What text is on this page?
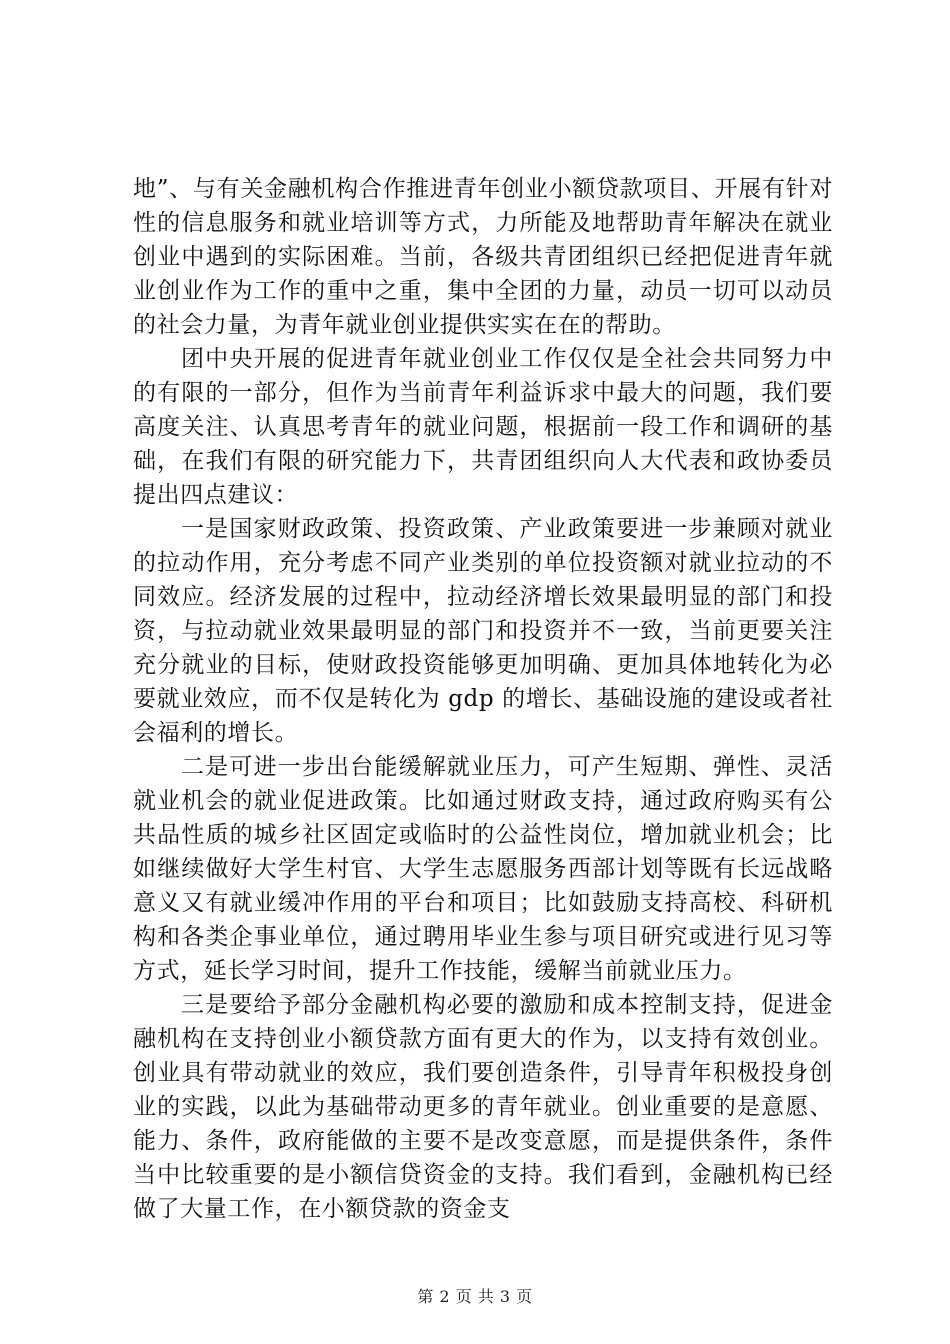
地”、与有关金融机构合作推进青年创业小额贷款项目、开展有针对性的信息服务和就业培训等方式，力所能及地帮助青年解决在就业创业中遇到的实际困难。当前，各级共青团组织已经把促进青年就业创业作为工作的重中之重，集中全团的力量，动员一切可以动员的社会力量，为青年就业创业提供实实在在的帮助。

团中央开展的促进青年就业创业工作仅仅是全社会共同努力中的有限的一部分，但作为当前青年利益诉求中最大的问题，我们要高度关注、认真思考青年的就业问题，根据前一段工作和调研的基础，在我们有限的研究能力下，共青团组织向人大代表和政协委员提出四点建议：

一是国家财政政策、投资政策、产业政策要进一步兼顾对就业的拉动作用，充分考虑不同产业类别的单位投资额对就业拉动的不同效应。经济发展的过程中，拉动经济增长效果最明显的部门和投资，与拉动就业效果最明显的部门和投资并不一致，当前更要关注充分就业的目标，使财政投资能够更加明确、更加具体地转化为必要就业效应，而不仅是转化为 gdp 的增长、基础设施的建设或者社会福利的增长。

二是可进一步出台能缓解就业压力，可产生短期、弹性、灵活就业机会的就业促进政策。比如通过财政支持，通过政府购买有公共品性质的城乡社区固定或临时的公益性岗位，增加就业机会；比如继续做好大学生村官、大学生志愿服务西部计划等既有长远战略意义又有就业缓冲作用的平台和项目；比如鼓励支持高校、科研机构和各类企事业单位，通过聘用毕业生参与项目研究或进行见习等方式，延长学习时间，提升工作技能，缓解当前就业压力。

三是要给予部分金融机构必要的激励和成本控制支持，促进金融机构在支持创业小额贷款方面有更大的作为，以支持有效创业。创业具有带动就业的效应，我们要创造条件，引导青年积极投身创业的实践，以此为基础带动更多的青年就业。创业重要的是意愿、能力、条件，政府能做的主要不是改变意愿，而是提供条件，条件当中比较重要的是小额信贷资金的支持。我们看到，金融机构已经做了大量工作，在小额贷款的资金支

第 2 页 共 3 页
